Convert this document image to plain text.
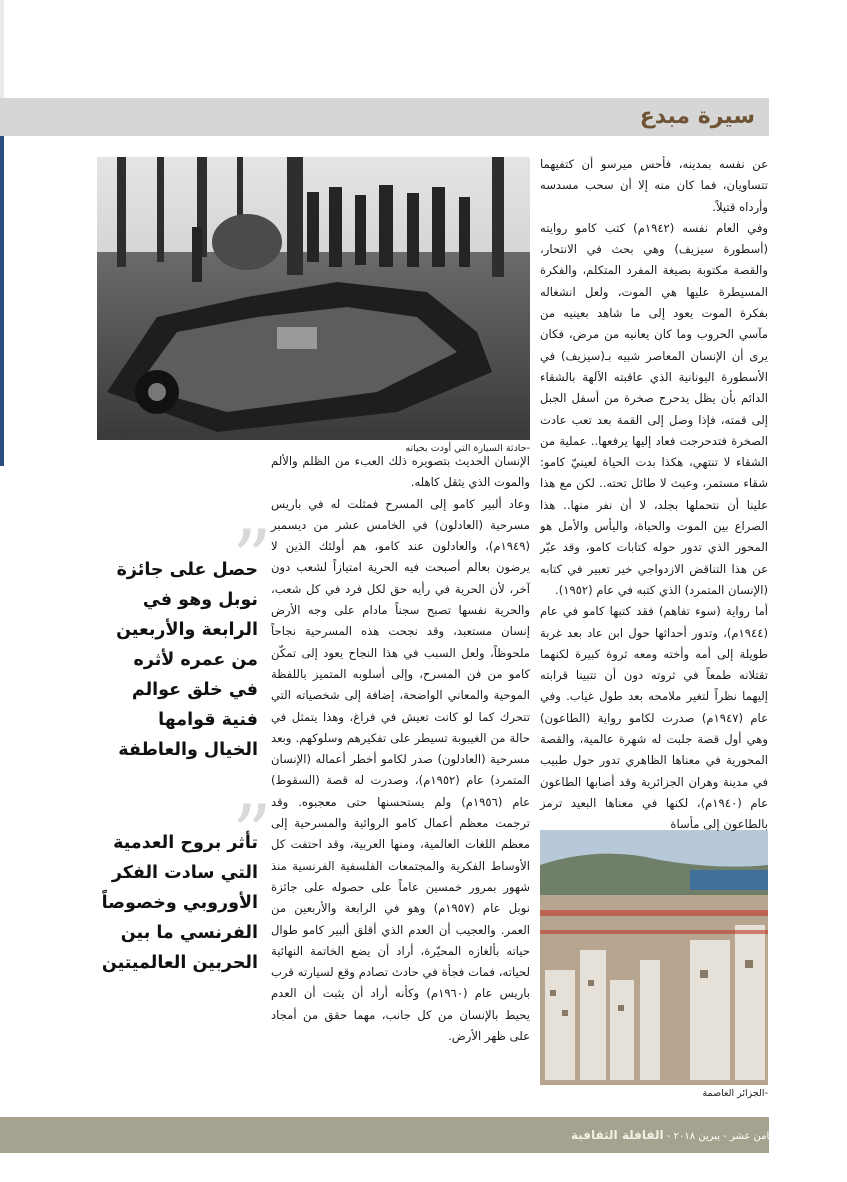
سيرة مبدع
-حادثة السيارة التي أودت بحياته
-الجزائر العاصمة
”
حصل على جائزة نوبل وهو في الرابعة والأربعين من عمره لأثره في خلق عوالم فنية قوامها الخيال والعاطفة
”
تأثر بروح العدمية التي سادت الفكر الأوروبي وخصوصاً الفرنسي ما بين الحربين العالميتين

عن نفسه بمدينه، فأحس ميرسو أن كتفيهما تتساويان، فما كان منه إلا أن سحب مسدسه وأرداه قتيلاً.

وفي العام نفسه (١٩٤٢م) كتب كامو روايته (أسطورة سيزيف) وهي بحث في الانتحار، والقصة مكتوبة بصيغة المفرد المتكلم، والفكرة المسيطرة عليها هي الموت، ولعل انشغاله بفكرة الموت يعود إلى ما شاهد بعينيه من مآسي الحروب وما كان يعانيه من مرض، فكان يرى أن الإنسان المعاصر شبيه بـ(سيزيف) في الأسطورة اليونانية الذي عاقبته الآلهة بالشقاء الدائم بأن يظل يدحرج صخرة من أسفل الجبل إلى قمته، فإذا وصل إلى القمة بعد تعب عادت الصخرة فتدحرجت فعاد إليها يرفعها.. عملية من الشقاء لا تنتهي، هكذا بدت الحياة لعينيّ كامو: شقاء مستمر، وعبث لا طائل تحته.. لكن مع هذا علينا أن نتحملها بجلد، لا أن نفر منها.. هذا الصراع بين الموت والحياة، واليأس والأمل هو المحور الذي تدور حوله كتابات كامو، وقد عبّر عن هذا التناقض الازدواجي خير تعبير في كتابه (الإنسان المتمرد) الذي كتبه في عام (١٩٥٢).

أما رواية (سوء تفاهم) فقد كتبها كامو في عام (١٩٤٤م)، وتدور أحداثها حول ابن عاد بعد غربة طويلة إلى أمه وأخته ومعه ثروة كبيرة لكنهما تقتلانه طمعاً في ثروته دون أن تتبينا قرابته إليهما نظراً لتغير ملامحه بعد طول غياب. وفي عام (١٩٤٧م) صدرت لكامو رواية (الطاعون) وهي أول قصة جلبت له شهرة عالمية، والقصة المحورية في معناها الظاهري تدور حول طبيب في مدينة وهران الجزائرية وقد أصابها الطاعون عام (١٩٤٠م)، لكنها في معناها البعيد ترمز بالطاعون إلى مأساة

الإنسان الحديث بتصويره ذلك العبء من الظلم والألم والموت الذي يثقل كاهله.

وعاد ألبير كامو إلى المسرح فمثلت له في باريس مسرحية (العادلون) في الخامس عشر من ديسمبر (١٩٤٩م)، والعادلون عند كامو، هم أولئك الذين لا يرضون بعالم أصبحت فيه الحرية امتيازاً لشعب دون آخر، لأن الحرية في رأيه حق لكل فرد في كل شعب، والحرية نفسها تصبح سجناً مادام على وجه الأرض إنسان مستعبد، وقد نجحت هذه المسرحية نجاحاً ملحوظاً، ولعل السبب في هذا النجاح يعود إلى تمكّن كامو من فن المسرح، وإلى أسلوبه المتميز باللفظة الموحية والمعاني الواضحة، إضافة إلى شخصياته التي تتحرك كما لو كانت تعيش في فراغ، وهذا يتمثل في حالة من الغيبوبة تسيطر على تفكيرهم وسلوكهم. وبعد مسرحية (العادلون) صدر لكامو أخطر أعماله (الإنسان المتمرد) عام (١٩٥٢م)، وصدرت له قصة (السقوط) عام (١٩٥٦م) ولم يستحسنها حتى معجبوه. وقد ترجمت معظم أعمال كامو الروائية والمسرحية إلى معظم اللغات العالمية، ومنها العربية، وقد احتفت كل الأوساط الفكرية والمجتمعات الفلسفية الفرنسية منذ شهور بمرور خمسين عاماً على حصوله على جائزة نوبل عام (١٩٥٧م) وهو في الرابعة والأربعين من العمر. والعجيب أن العدم الذي أقلق ألبير كامو طوال حياته بألغازه المحيّرة، أراد أن يضع الخاتمة النهائية لحياته، فمات فجأة في حادث تصادم وقع لسيارته قرب باريس عام (١٩٦٠م) وكأنه أراد أن يثبت أن العدم يحيط بالإنسان من كل جانب، مهما حقق من أمجاد على ظهر الأرض.

٢٠ العدد الثامن عشر - يبرين ٢٠١٨ - القافلة الثقافية
